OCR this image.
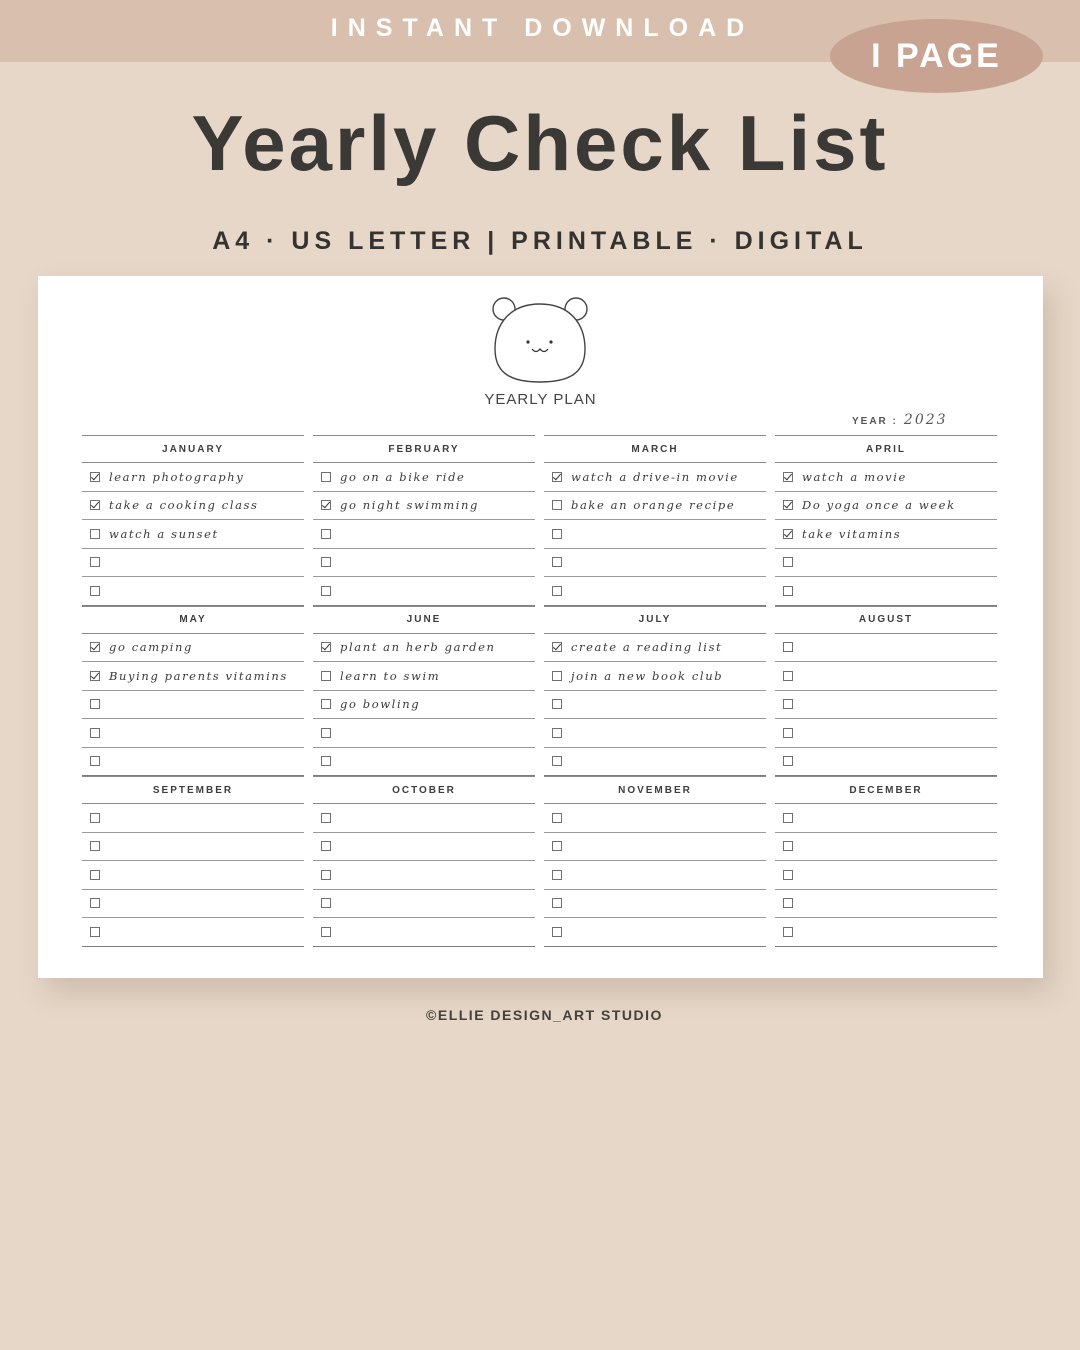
INSTANT DOWNLOAD
I PAGE
Yearly Check List
A4 · US LETTER | PRINTABLE · DIGITAL
YEARLY PLAN
YEAR : 2023
JANUARY
learn photography
take a cooking class
watch a sunset
FEBRUARY
go on a bike ride
go night swimming
MARCH
watch a drive-in movie
bake an orange recipe
APRIL
watch a movie
Do yoga once a week
take vitamins
MAY
go camping
Buying parents vitamins
JUNE
plant an herb garden
learn to swim
go bowling
JULY
create a reading list
join a new book club
AUGUST
SEPTEMBER	OCTOBER	NOVEMBER	DECEMBER
©ELLIE DESIGN_ART STUDIO
